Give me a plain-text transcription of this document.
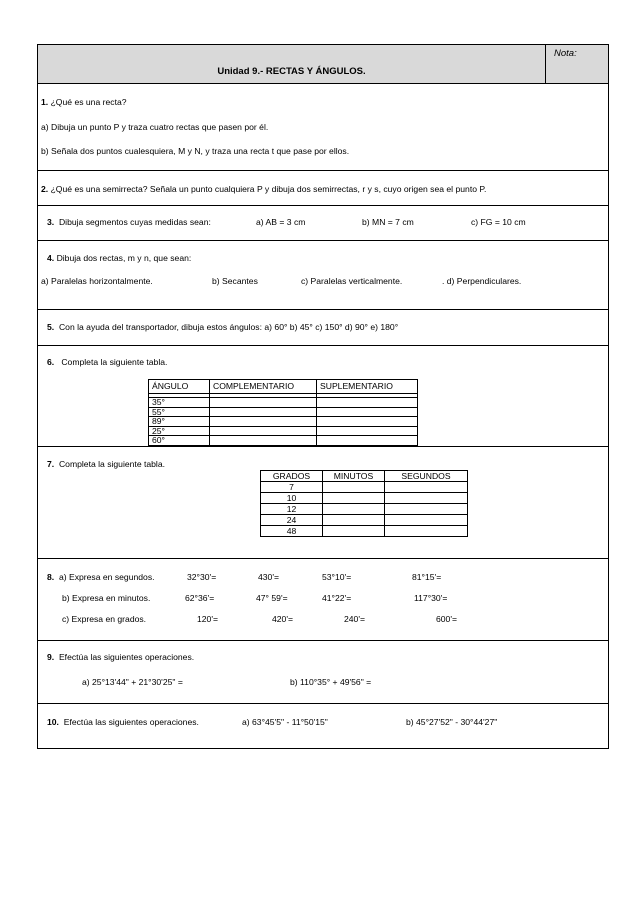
Unidad 9.- RECTAS Y ÁNGULOS.
Nota:
1. ¿Qué es una recta?
a) Dibuja un punto P y traza cuatro rectas que pasen por él.
b) Señala dos puntos cualesquiera, M y N, y traza una recta t que pase por ellos.
2. ¿Qué es una semirrecta? Señala un punto cualquiera P y dibuja dos semirrectas, r y s, cuyo origen sea el punto P.
3. Dibuja segmentos cuyas medidas sean:	a) AB = 3 cm	b) MN = 7 cm	c) FG = 10 cm
4. Dibuja dos rectas, m y n, que sean:
a) Paralelas horizontalmente.	b) Secantes	c) Paralelas verticalmente.	. d) Perpendiculares.
5. Con la ayuda del transportador, dibuja estos ángulos: a) 60° b) 45° c) 150° d) 90° e) 180°
6. Completa la siguiente tabla.
ÁNGULO	COMPLEMENTARIO	SUPLEMENTARIO

35°		
55°		
89°		
25°		
60°		
7. Completa la siguiente tabla.
GRADOS	MINUTOS	SEGUNDOS
7		
10		
12		
24		
48		
8. a) Expresa en segundos.	32°30'=	430'=	53°10'=	81°15'=
b) Expresa en minutos.	62°36'=	47° 59'=	41°22'=	117°30'=
c) Expresa en grados.	120'=	420'=	240'=	600'=
9. Efectúa las siguientes operaciones.
a) 25°13'44" + 21°30'25" =	b) 110°35° + 49'56" =
10. Efectúa las siguientes operaciones.	a) 63°45'5" - 11°50'15"	b) 45°27'52" - 30°44'27"
